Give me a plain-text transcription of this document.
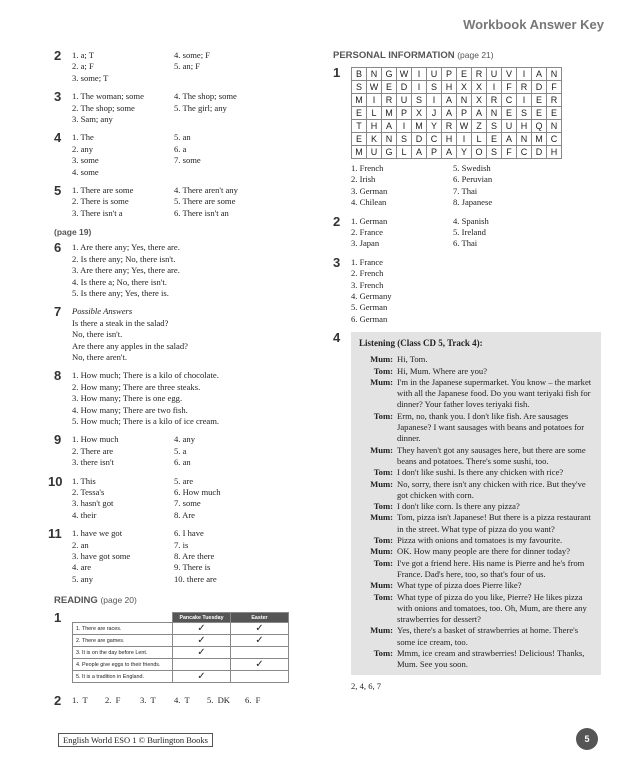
Workbook Answer Key
2 1. a; T
2. a; F
3. some; T
4. some; F
5. an; F
3 1. The woman; some
2. The shop; some
3. Sam; any
4. The shop; some
5. The girl; any
4 1. The
2. any
3. some
4. some
5. an
6. a
7. some
5 1. There are some
2. There is some
3. There isn't a
4. There aren't any
5. There are some
6. There isn't an
(page 19)
6 1. Are there any; Yes, there are.
2. Is there any; No, there isn't.
3. Are there any; Yes, there are.
4. Is there a; No, there isn't.
5. Is there any; Yes, there is.
7 Possible Answers
Is there a steak in the salad?
No, there isn't.
Are there any apples in the salad?
No, there aren't.
8 1. How much; There is a kilo of chocolate.
2. How many; There are three steaks.
3. How many; There is one egg.
4. How many; There are two fish.
5. How much; There is a kilo of ice cream.
9 1. How much
2. There are
3. there isn't
4. any
5. a
6. an
10 1. This
2. Tessa's
3. hasn't got
4. their
5. are
6. How much
7. some
8. Are
11 1. have we got
2. an
3. have got some
4. are
5. any
6. I have
7. is
8. Are there
9. There is
10. there are
READING (page 20)
1
		Pancake Tuesday	Easter
1. There are races.	✓	✓
2. There are games.	✓	✓
3. It is on the day before Lent.	✓	
4. People give eggs to their friends.		✓
5. It is a tradition in England.	✓	
2 1. T 2. F 3. T 4. T 5. DK 6. F
PERSONAL INFORMATION (page 21)
1 B	N	G	W	I	U	P	E	R	U	V	I	A	N
S	W	E	D	I	S	H	X	X	I	F	R	D	F
M	I	R	U	S	I	A	N	X	R	C	I	E	R
E	L	M	P	X	J	A	P	A	N	E	S	E	E
T	H	A	I	M	Y	R	W	Z	S	U	H	Q	N
E	K	N	S	D	C	H	I	L	E	A	N	M	C
M	U	G	L	A	P	A	Y	O	S	F	C	D	H
1. French
2. Irish
3. German
4. Chilean
5. Swedish
6. Peruvian
7. Thai
8. Japanese
2 1. German
2. France
3. Japan
4. Spanish
5. Ireland
6. Thai
3 1. France
2. French
3. French
4. Germany
5. German
6. German
4 Listening (Class CD 5, Track 4):
Mum: Hi, Tom.
Tom: Hi, Mum. Where are you?
Mum: I'm in the Japanese supermarket. You know – the market with all the Japanese food. Do you want teriyaki fish for dinner? Your father loves teriyaki fish.
Tom: Erm, no, thank you. I don't like fish. Are sausages Japanese? I want sausages with beans and potatoes for dinner.
Mum: They haven't got any sausages here, but there are some beans and potatoes. There's some sushi, too.
Tom: I don't like sushi. Is there any chicken with rice?
Mum: No, sorry, there isn't any chicken with rice. But they've got chicken with corn.
Tom: I don't like corn. Is there any pizza?
Mum: Tom, pizza isn't Japanese! But there is a pizza restaurant in the street. What type of pizza do you want?
Tom: Pizza with onions and tomatoes is my favourite.
Mum: OK. How many people are there for dinner today?
Tom: I've got a friend here. His name is Pierre and he's from France. Dad's here, too, so that's four of us.
Mum: What type of pizza does Pierre like?
Tom: What type of pizza do you like, Pierre? He likes pizza with onions and tomatoes, too. Oh, Mum, are there any strawberries for dessert?
Mum: Yes, there's a basket of strawberries at home. There's some ice cream, too.
Tom: Mmm, ice cream and strawberries! Delicious! Thanks, Mum. See you soon.
2, 4, 6, 7
English World ESO 1 © Burlington Books	5
